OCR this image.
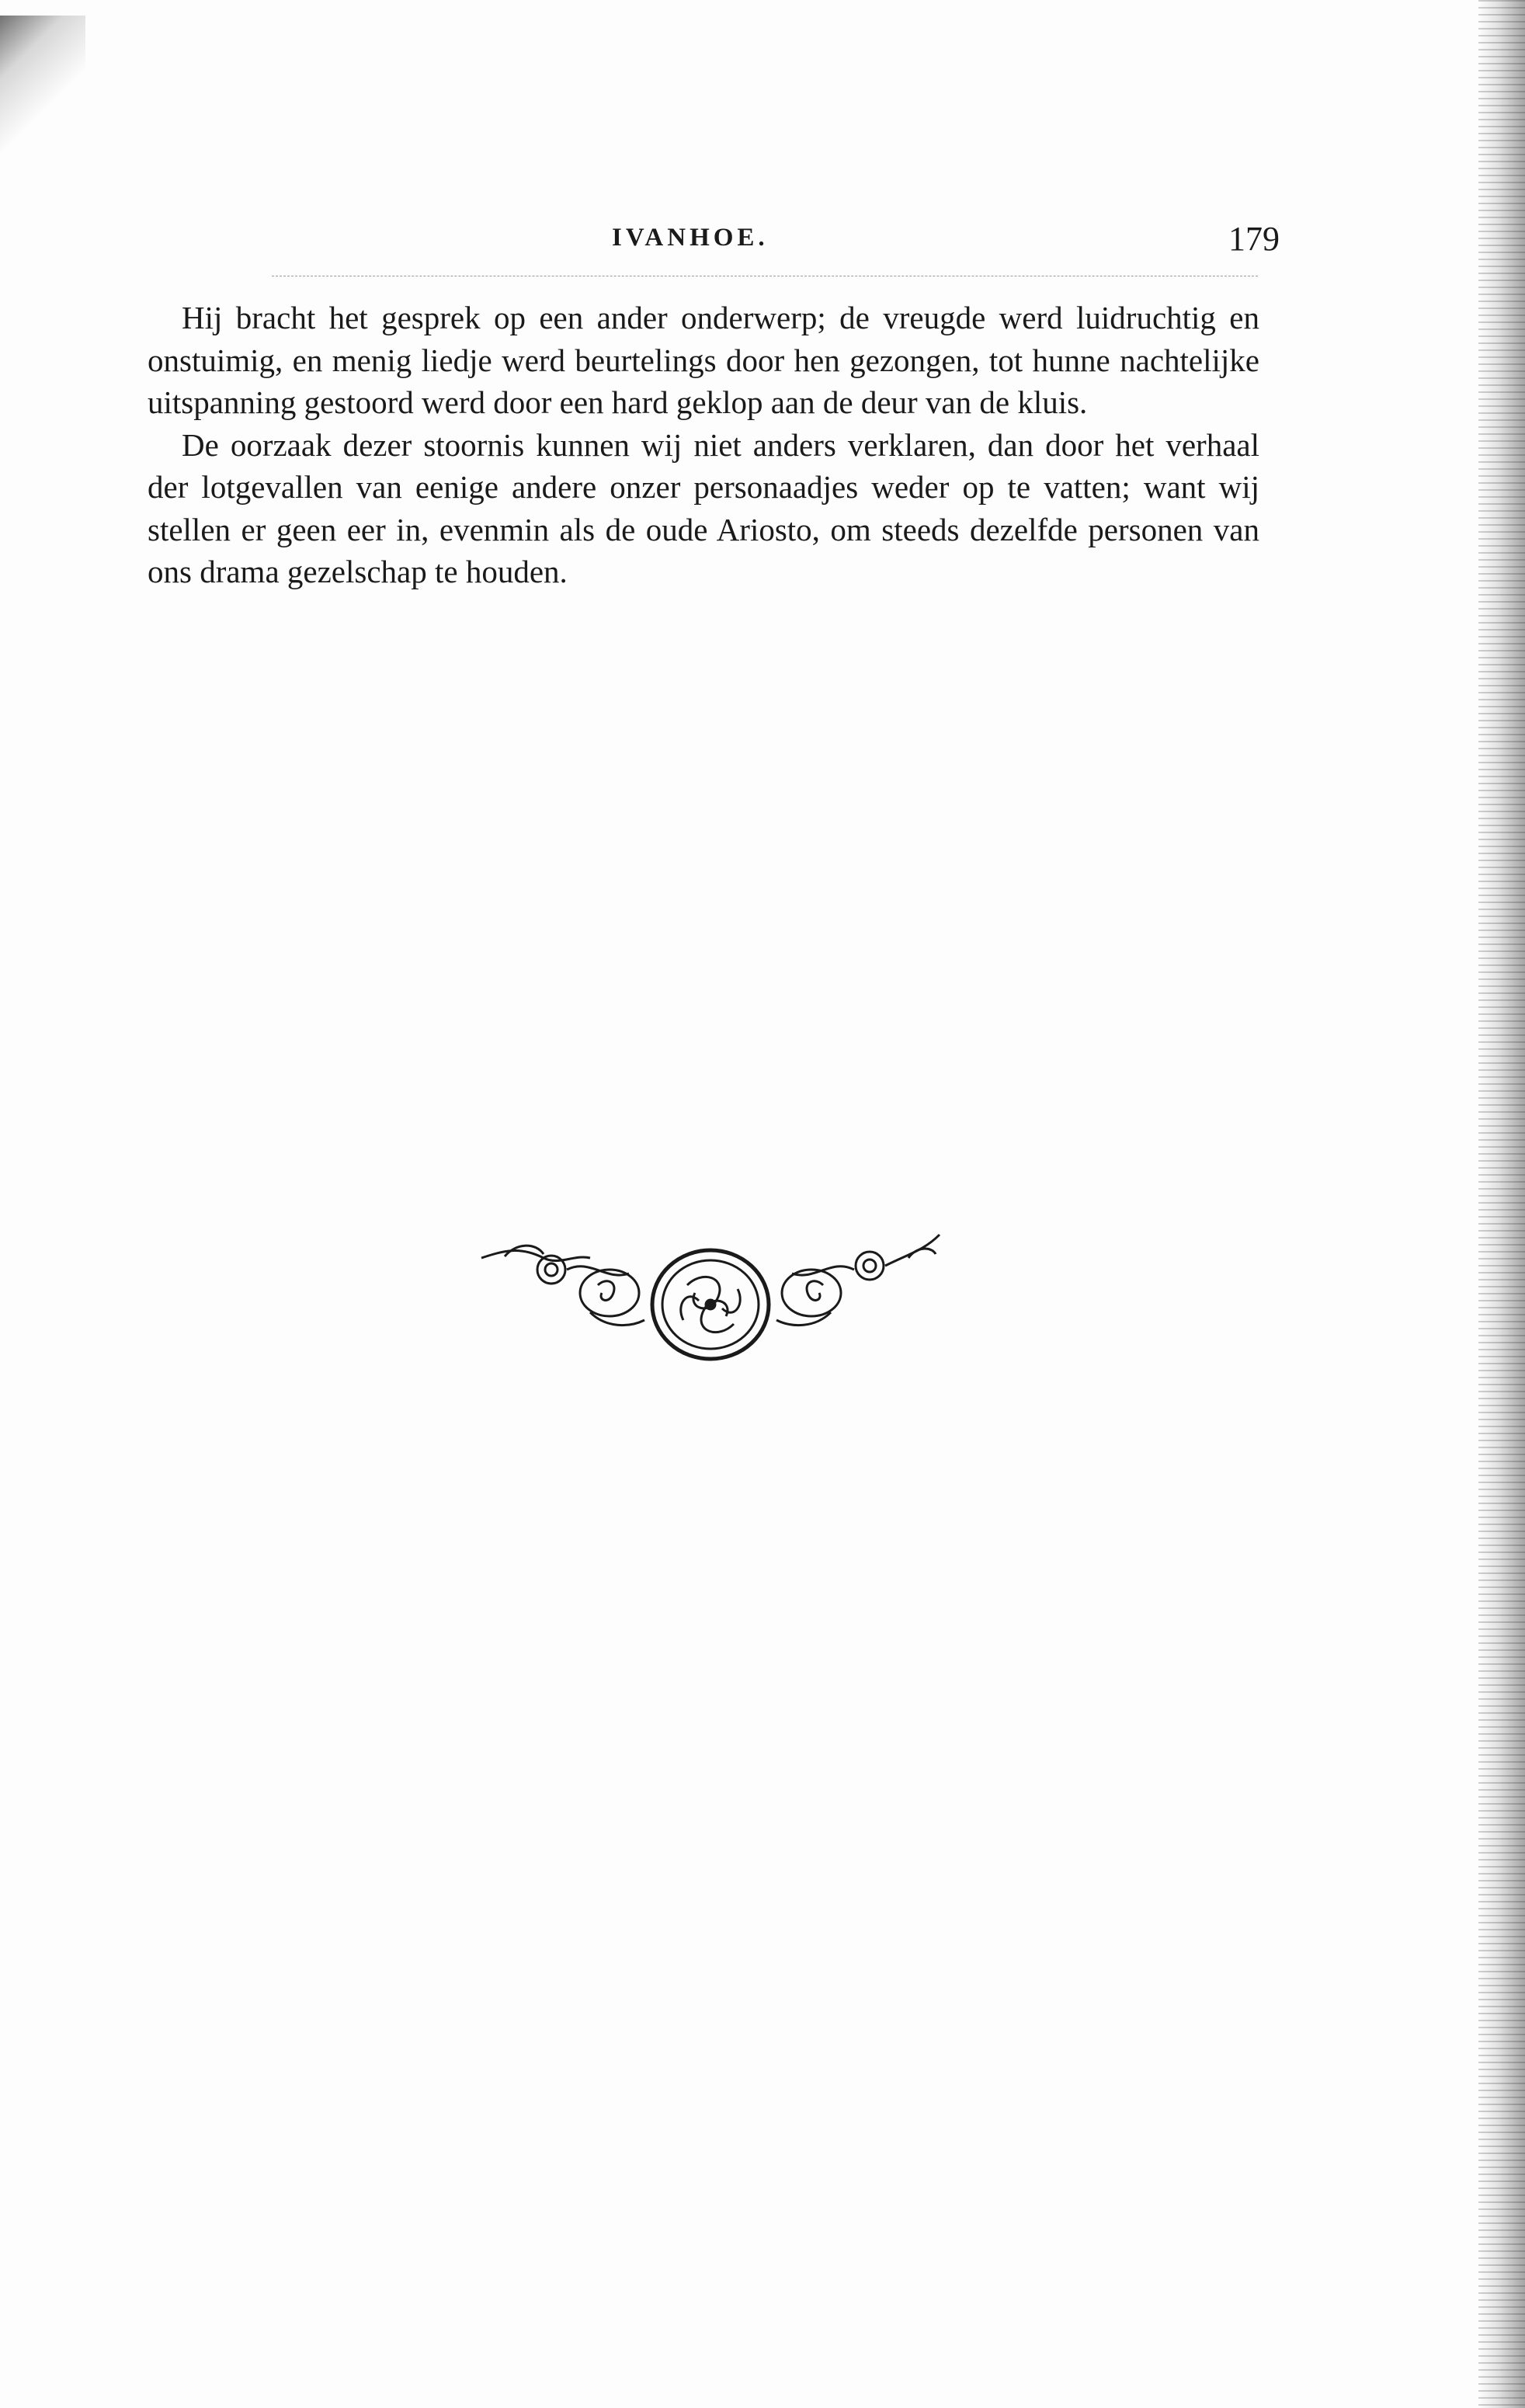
IVANHOE.	179

Hij bracht het gesprek op een ander onderwerp; de vreugde werd luidruchtig en onstuimig, en menig liedje werd beurtelings door hen gezongen, tot hunne nachtelijke uitspanning gestoord werd door een hard geklop aan de deur van de kluis.

De oorzaak dezer stoornis kunnen wij niet anders verklaren, dan door het verhaal der lotgevallen van eenige andere onzer personaadjes weder op te vatten; want wij stellen er geen eer in, evenmin als de oude Ariosto, om steeds dezelfde personen van ons drama gezelschap te houden.
